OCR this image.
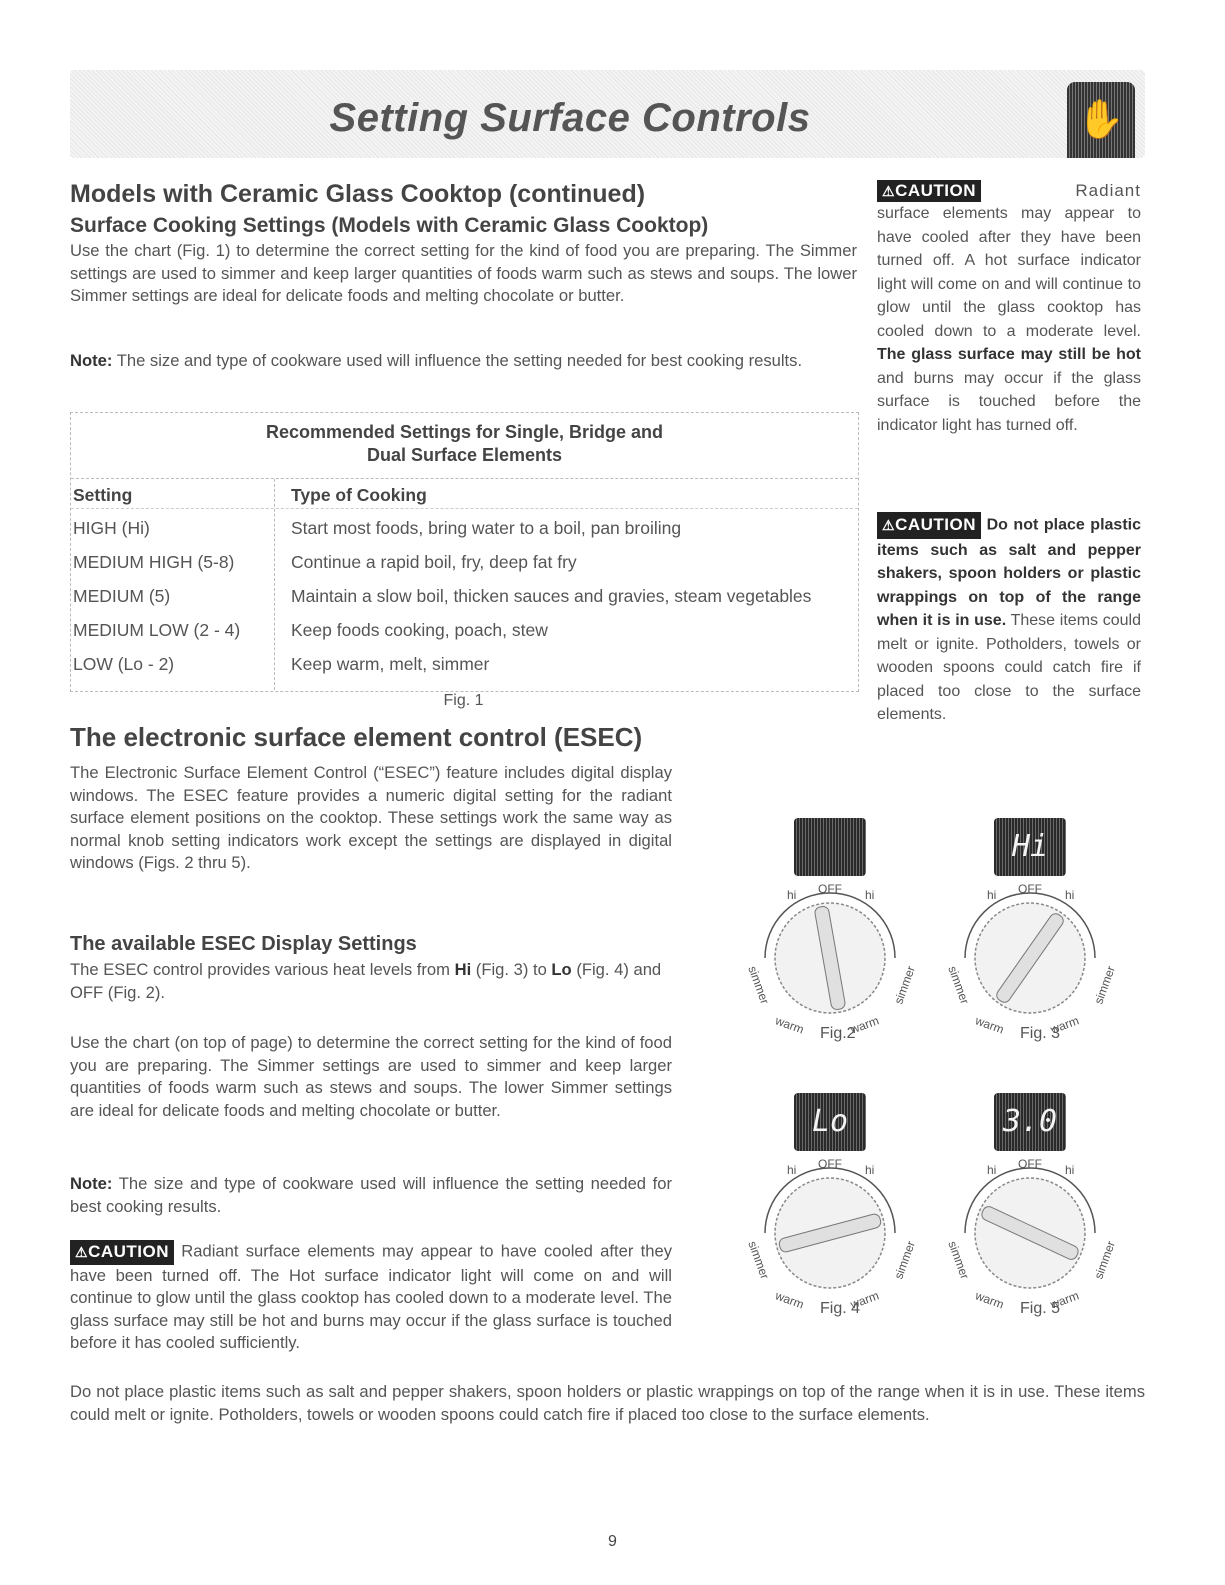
Setting Surface Controls	✋
Models with Ceramic Glass Cooktop (continued)
Surface Cooking Settings (Models with Ceramic Glass Cooktop)

Use the chart (Fig. 1) to determine the correct setting for the kind of food you are preparing. The Simmer settings are used to simmer and keep larger quantities of foods warm such as stews and soups. The lower Simmer settings are ideal for delicate foods and melting chocolate or butter.

Note: The size and type of cookware used will influence the setting needed for best cooking results.

Recommended Settings for Single, Bridge and
Dual Surface Elements
Setting	Type of Cooking
HIGH (Hi)	Start most foods, bring water to a boil, pan broiling
MEDIUM HIGH (5-8)	Continue a rapid boil, fry, deep fat fry
MEDIUM (5)	Maintain a slow boil, thicken sauces and gravies, steam vegetables
MEDIUM LOW (2 - 4)	Keep foods cooking, poach, stew
LOW (Lo - 2)	Keep warm, melt, simmer
Fig. 1
⚠CAUTION	Radiant

surface elements may appear to have cooled after they have been turned off. A hot surface indicator light will come on and will continue to glow until the glass cooktop has cooled down to a moderate level. The glass surface may still be hot and burns may occur if the glass surface is touched before the indicator light has turned off.

⚠CAUTION Do not place plastic items such as salt and pepper shakers, spoon holders or plastic wrappings on top of the range when it is in use. These items could melt or ignite. Potholders, towels or wooden spoons could catch fire if placed too close to the surface elements.

The electronic surface element control (ESEC)

The Electronic Surface Element Control (“ESEC”) feature includes digital display windows. The ESEC feature provides a numeric digital setting for the radiant surface element positions on the cooktop. These settings work the same way as normal knob setting indicators work except the settings are displayed in digital windows (Figs. 2 thru 5).

The available ESEC Display Settings

The ESEC control provides various heat levels from Hi (Fig. 3) to Lo (Fig. 4) and OFF (Fig. 2).

Use the chart (on top of page) to determine the correct setting for the kind of food you are preparing. The Simmer settings are used to simmer and keep larger quantities of foods warm such as stews and soups. The lower Simmer settings are ideal for delicate foods and melting chocolate or butter.

Note: The size and type of cookware used will influence the setting needed for best cooking results.

⚠CAUTION Radiant surface elements may appear to have cooled after they have been turned off. The Hot surface indicator light will come on and will continue to glow until the glass cooktop has cooled down to a moderate level. The glass surface may still be hot and burns may occur if the glass surface is touched before it has cooled sufficiently.

OFF
hi	hi
simmer	simmer
warm	warm
Fig.2
Hi
OFF
hi	hi
simmer	simmer
warm	warm
Fig. 3
Lo
OFF
hi	hi
simmer	simmer
warm	warm
Fig. 4
3.0
OFF
hi	hi
simmer	simmer
warm	warm
Fig. 5

Do not place plastic items such as salt and pepper shakers, spoon holders or plastic wrappings on top of the range when it is in use. These items could melt or ignite. Potholders, towels or wooden spoons could catch fire if placed too close to the surface elements.

9
